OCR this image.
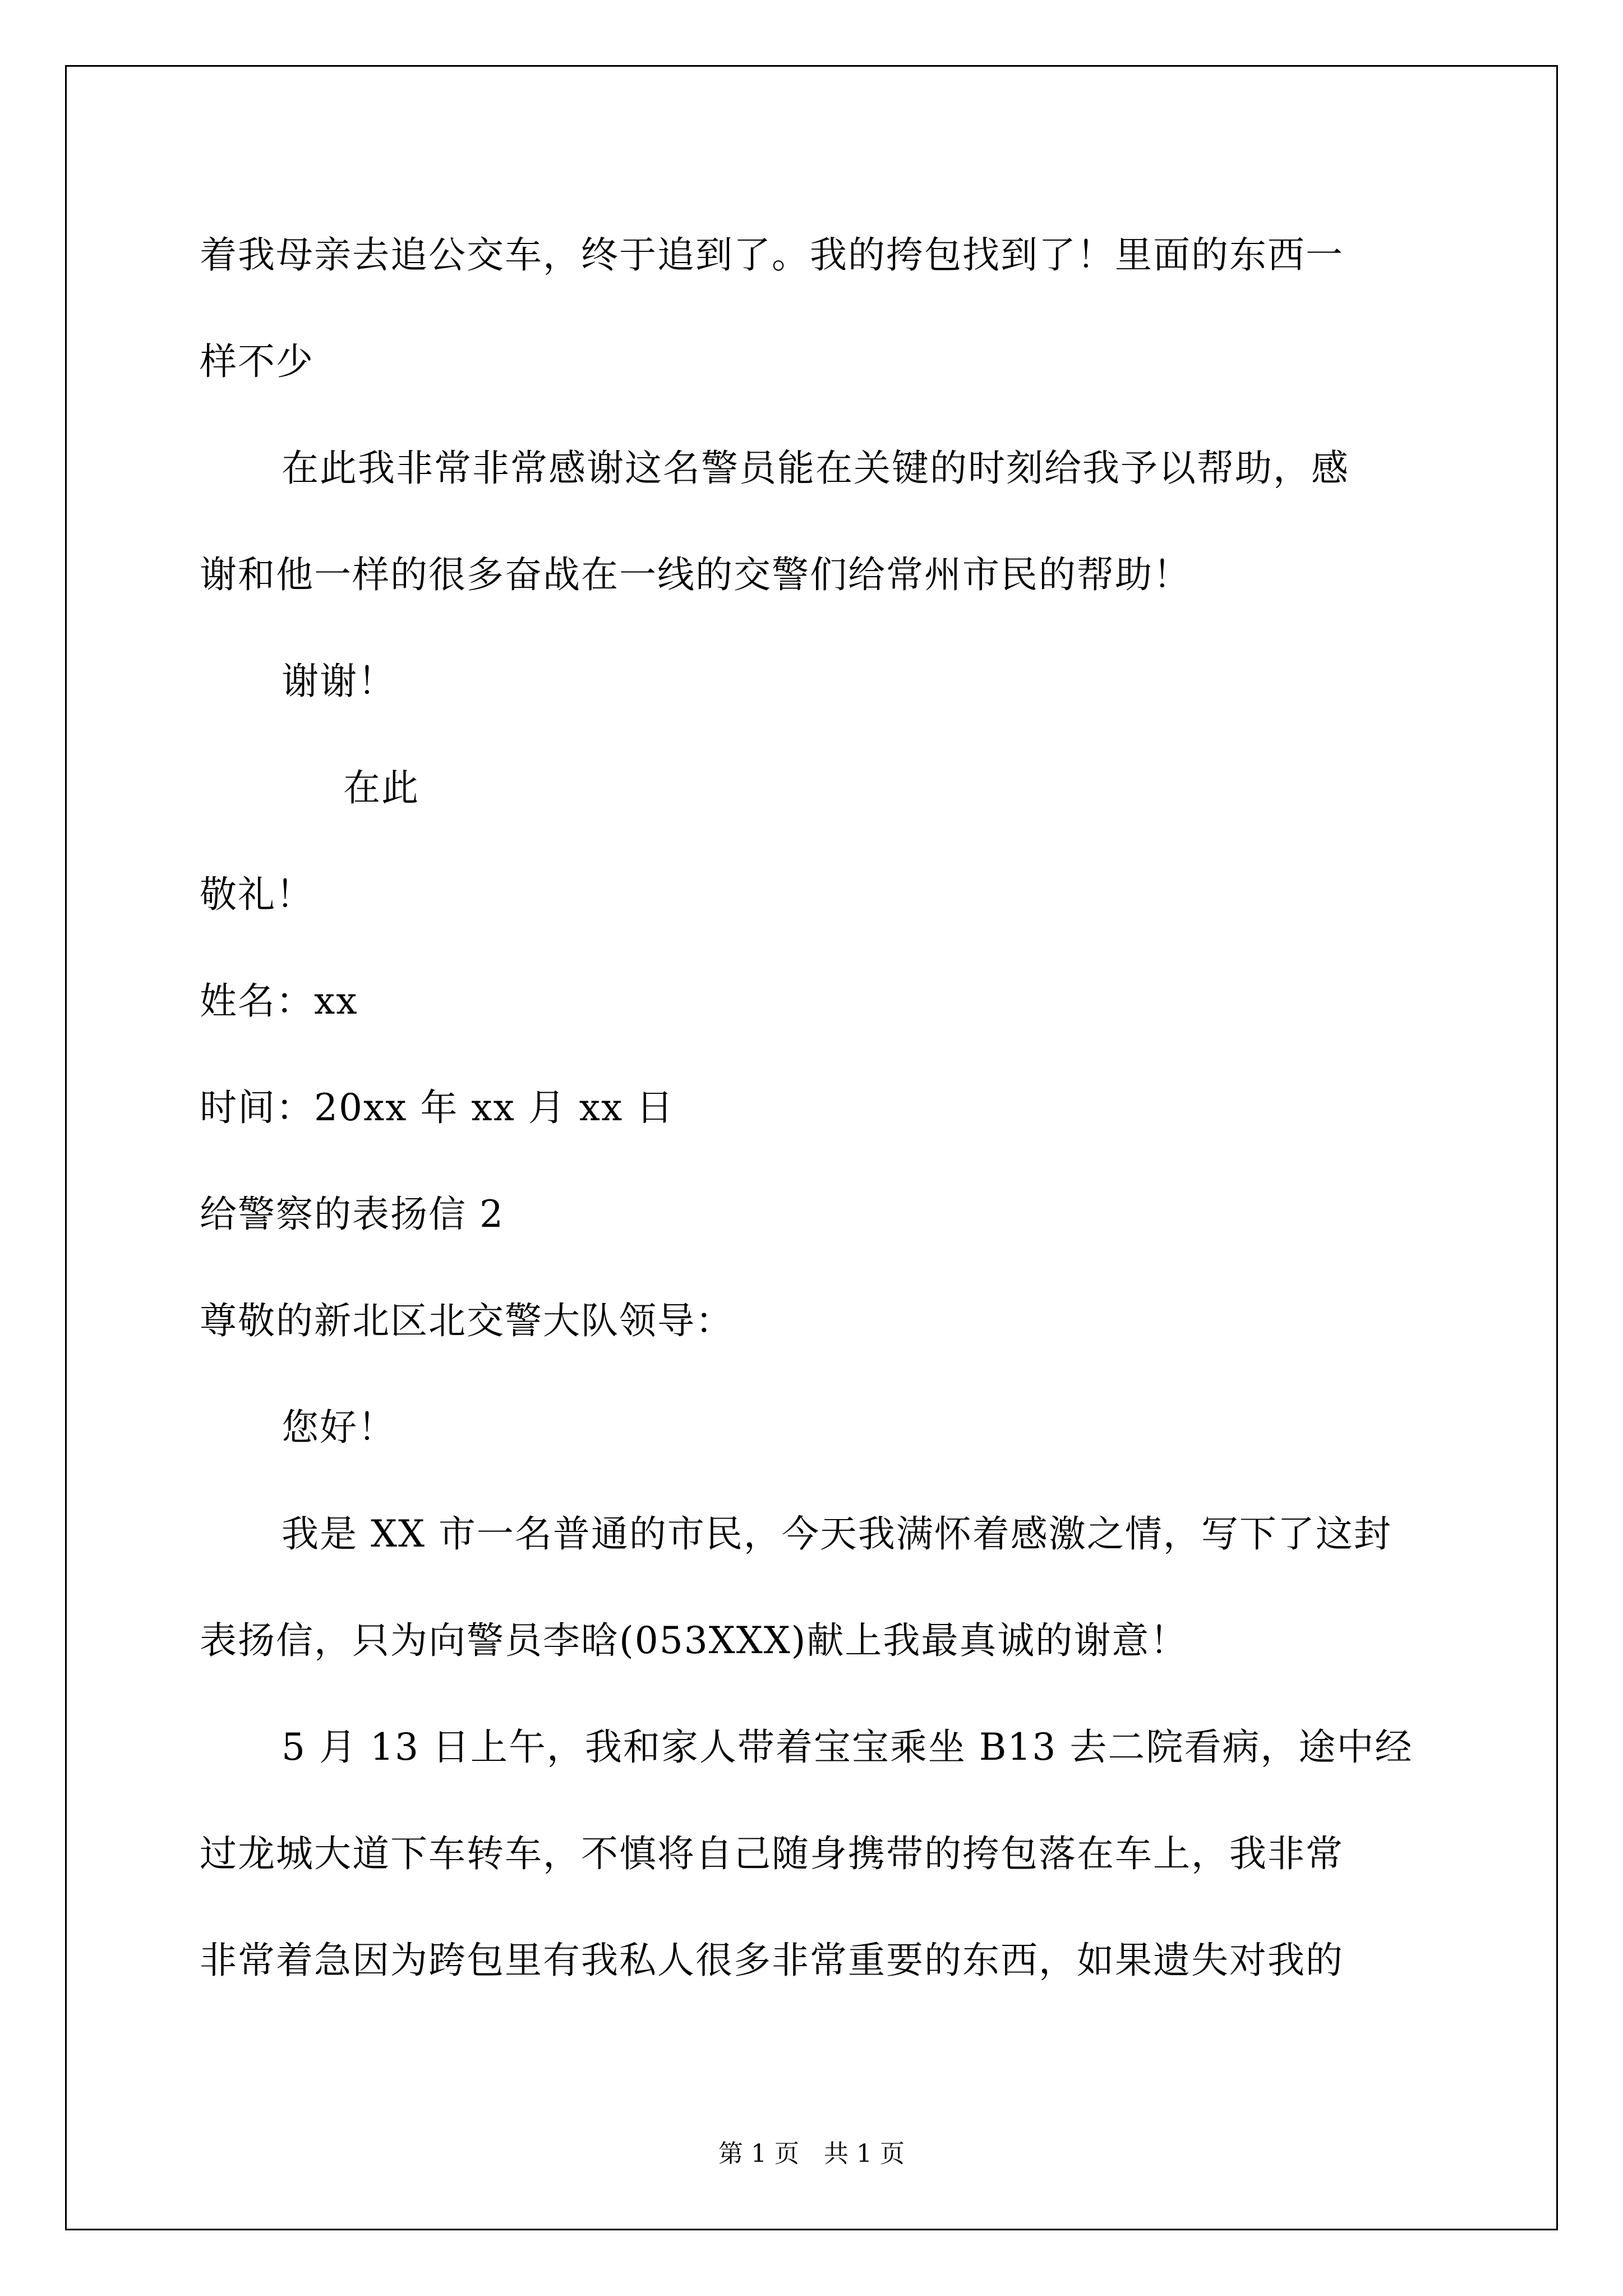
着我母亲去追公交车，终于追到了。我的挎包找到了！里面的东西一

样不少

在此我非常非常感谢这名警员能在关键的时刻给我予以帮助，感

谢和他一样的很多奋战在一线的交警们给常州市民的帮助！

谢谢！

在此

敬礼！

姓名：xx

时间：20xx 年 xx 月 xx 日

给警察的表扬信 2

尊敬的新北区北交警大队领导：

您好！

我是 XX 市一名普通的市民，今天我满怀着感激之情，写下了这封

表扬信，只为向警员李晗(053XXX)献上我最真诚的谢意！

5 月 13 日上午，我和家人带着宝宝乘坐 B13 去二院看病，途中经

过龙城大道下车转车，不慎将自己随身携带的挎包落在车上，我非常

非常着急因为跨包里有我私人很多非常重要的东西，如果遗失对我的

第 1 页　共 1 页
